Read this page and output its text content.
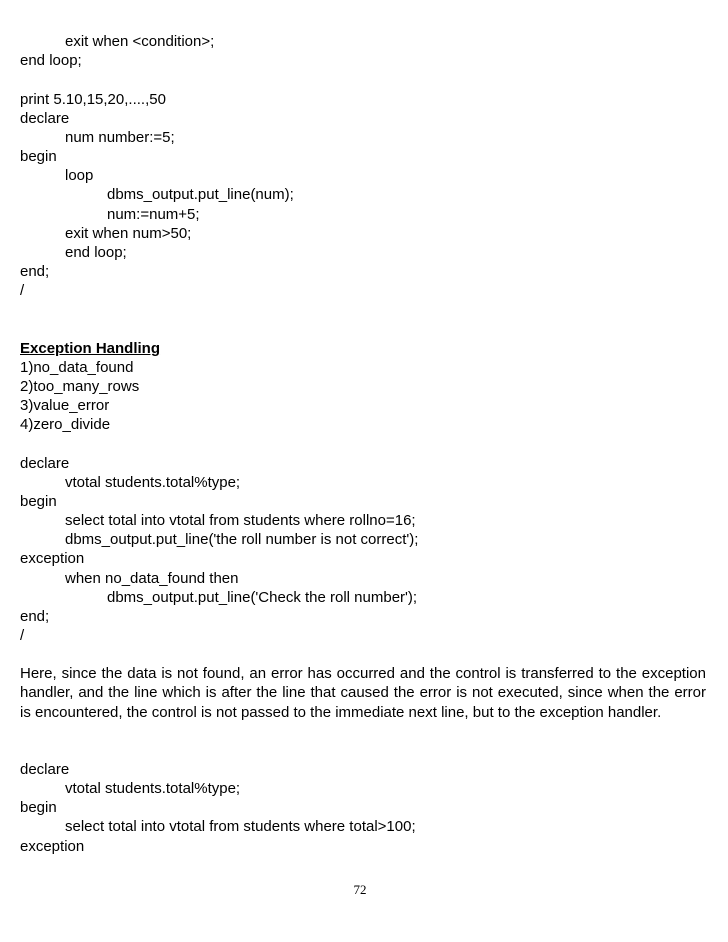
exit when <condition>;
end loop;
print 5.10,15,20,....,50
declare
num number:=5;
begin
loop
dbms_output.put_line(num);
num:=num+5;
exit when num>50;
end loop;
end;
/
Exception Handling
1)no_data_found
2)too_many_rows
3)value_error
4)zero_divide
declare
vtotal students.total%type;
begin
select total into vtotal from students where rollno=16;
dbms_output.put_line('the roll number is not correct');
exception
when no_data_found then
dbms_output.put_line('Check the roll number');
end;
/
Here, since the data is not found, an error has occurred and the control is transferred to the exception handler, and the line which is after the line that caused the error is not executed, since when the error is encountered, the control is not passed to the immediate next line, but to the exception handler.
declare
vtotal students.total%type;
begin
select total into vtotal from students where total>100;
exception
72
